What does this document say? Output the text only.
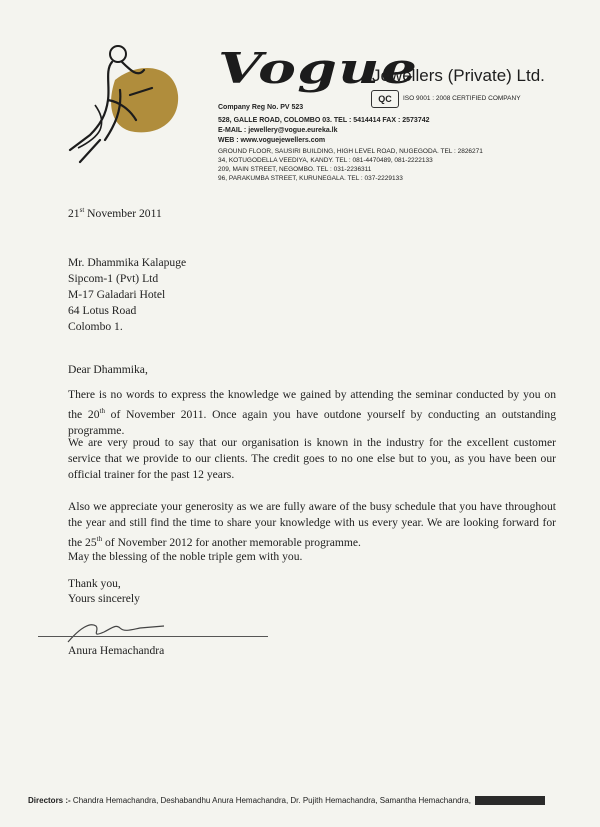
Vogue
Jewellers (Private) Ltd.
QC	ISO 9001 : 2008 CERTIFIED COMPANY
Company Reg No. PV 523
528, GALLE ROAD, COLOMBO 03. TEL : 5414414 FAX : 2573742
E-MAIL : jewellery@vogue.eureka.lk
WEB : www.voguejewellers.com
GROUND FLOOR, SAUSIRI BUILDING, HIGH LEVEL ROAD, NUGEGODA. TEL : 2826271
34, KOTUGODELLA VEEDIYA, KANDY. TEL : 081-4470489, 081-2222133
209, MAIN STREET, NEGOMBO. TEL : 031-2236311
96, PARAKUMBA STREET, KURUNEGALA. TEL : 037-2229133
21st November 2011
Mr. Dhammika Kalapuge
Sipcom-1 (Pvt) Ltd
M-17 Galadari Hotel
64 Lotus Road
Colombo 1.
Dear Dhammika,
There is no words to express the knowledge we gained by attending the seminar conducted by you on the 20th of November 2011. Once again you have outdone yourself by conducting an outstanding programme.
We are very proud to say that our organisation is known in the industry for the excellent customer service that we provide to our clients. The credit goes to no one else but to you, as you have been our official trainer for the past 12 years.
Also we appreciate your generosity as we are fully aware of the busy schedule that you have throughout the year and still find the time to share your knowledge with us every year. We are looking forward for the 25th of November 2012 for another memorable programme.
May the blessing of the noble triple gem with you.
Thank you,
Yours sincerely
Anura Hemachandra
Directors :- Chandra Hemachandra, Deshabandhu Anura Hemachandra, Dr. Pujith Hemachandra, Samantha Hemachandra,
